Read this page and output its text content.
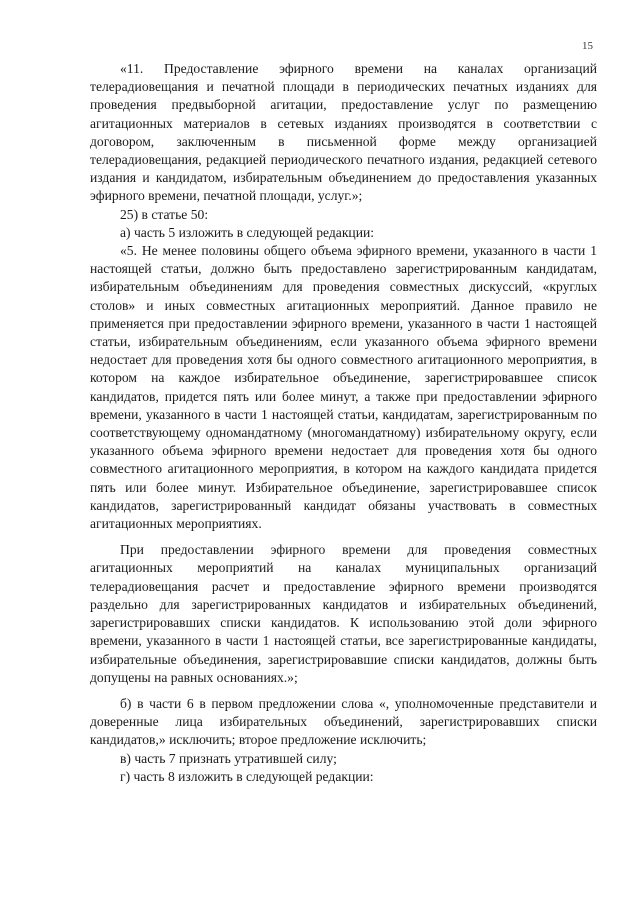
15

«11. Предоставление эфирного времени на каналах организаций телерадиовещания и печатной площади в периодических печатных изданиях для проведения предвыборной агитации, предоставление услуг по размещению агитационных материалов в сетевых изданиях производятся в соответствии с договором, заключенным в письменной форме между организацией телерадиовещания, редакцией периодического печатного издания, редакцией сетевого издания и кандидатом, избирательным объединением до предоставления указанных эфирного времени, печатной площади, услуг.»;

25) в статье 50:

а) часть 5 изложить в следующей редакции:

«5. Не менее половины общего объема эфирного времени, указанного в части 1 настоящей статьи, должно быть предоставлено зарегистрированным кандидатам, избирательным объединениям для проведения совместных дискуссий, «круглых столов» и иных совместных агитационных мероприятий. Данное правило не применяется при предоставлении эфирного времени, указанного в части 1 настоящей статьи, избирательным объединениям, если указанного объема эфирного времени недостает для проведения хотя бы одного совместного агитационного мероприятия, в котором на каждое избирательное объединение, зарегистрировавшее список кандидатов, придется пять или более минут, а также при предоставлении эфирного времени, указанного в части 1 настоящей статьи, кандидатам, зарегистрированным по соответствующему одномандатному (многомандатному) избирательному округу, если указанного объема эфирного времени недостает для проведения хотя бы одного совместного агитационного мероприятия, в котором на каждого кандидата придется пять или более минут. Избирательное объединение, зарегистрировавшее список кандидатов, зарегистрированный кандидат обязаны участвовать в совместных агитационных мероприятиях.

При предоставлении эфирного времени для проведения совместных агитационных мероприятий на каналах муниципальных организаций телерадиовещания расчет и предоставление эфирного времени производятся раздельно для зарегистрированных кандидатов и избирательных объединений, зарегистрировавших списки кандидатов. К использованию этой доли эфирного времени, указанного в части 1 настоящей статьи, все зарегистрированные кандидаты, избирательные объединения, зарегистрировавшие списки кандидатов, должны быть допущены на равных основаниях.»;

б) в части 6 в первом предложении слова «, уполномоченные представители и доверенные лица избирательных объединений, зарегистрировавших списки кандидатов,» исключить; второе предложение исключить;

в) часть 7 признать утратившей силу;

г) часть 8 изложить в следующей редакции:
